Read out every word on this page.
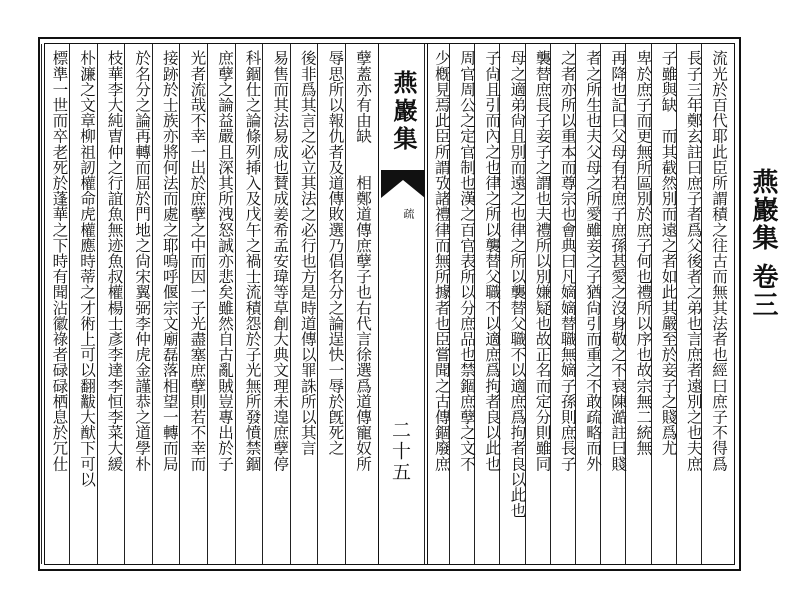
燕巖集 卷三
流光於百代耶此臣所謂積之往古而無其法者也經曰庶子不得爲
長子三年鄭玄註曰庶子者爲父後者之弟也言庶者遠別之也夫庶
子雖與缺　而其截然別而遠之者如此其嚴至於妾子之賤爲尤
卑於庶子而更無所區別於庶子何也禮所以序也故宗無二統無
再降也記曰父母有若庶子庶孫甚愛之沒身敬之不衰陳澔註曰賤
者之所生也夫父母之所愛雖妾之子猶尙引而重之不敢疏略而外
之者亦所以重本而尊宗也會典曰凡嫡嫡替職無嫡子孫則庶長子
襲替庶長子妾子之謂也夫禮所以別嫌疑也故正名而定分則雖同
母之適弟尙且別而遠之也律之所以襲替父職不以適庶爲拘者良以此也
子尙且引而內之也律之所以襲替父職不以適庶爲拘者良以此也
周官周公之定官制也漢之百官表所以分庶品也禁錮庶孽之文不
少槪見焉此臣所謂攷諸禮律而無所據者也臣嘗聞之古傳錮廢庶
燕巖集
疏
二十五
孽蓋亦有由缺　　相鄭道傳庶孽子也右代言徐選爲道傳寵奴所
辱思所以報仇者及道傳敗選乃倡名分之論逞快一辱於旣死之
後非爲其言之必立其法之必行也方是時道傳以罪誅所以其言
易售而其法易成也賛成姜希孟安瑋等草創大典文理未遑庶孽停
科錮仕之論條列揷入及戊午之禍士流積怨於子光無所發憤禁錮
庶孽之論益嚴且深其所洩怒誠亦悲矣雖然自古亂賊豈專出於子
光者流哉不幸一出於庶孽之中而因一子光盡塞庶孽則若不幸而
接跡於士族亦將何法而處之耶嗚呼偃宗文廟磊落相望一轉而局
於名分之論再轉而屈於門地之尙宋翼弼李仲虎金謹恭之道學朴
枝華李大純曺仲之行誼魚無迹魚叔權楊士彥李達李恒李菜大緩
朴濂之文章柳祖訒權命虎權應時蒂之才術上可以翻黻大猷下可以
標準一世而卒老死於蓬華之下時有聞沾徽祿者碌碌栖息於冗仕
